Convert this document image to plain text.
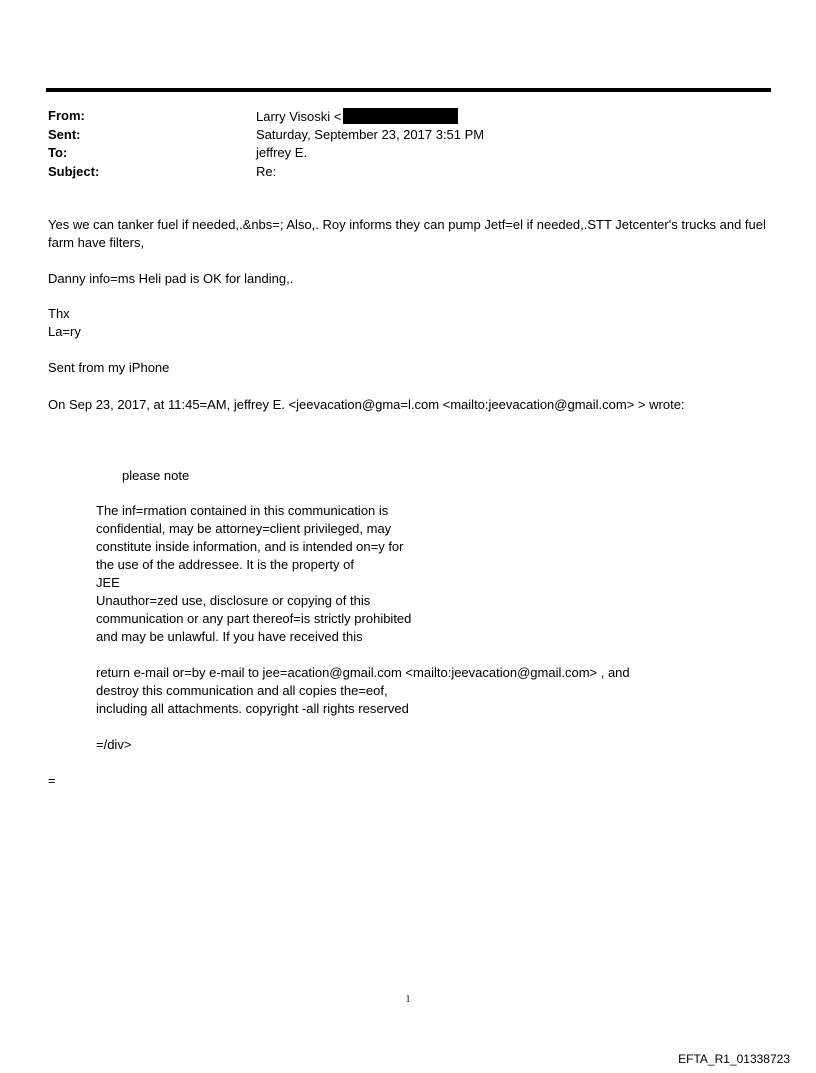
From:	Larry Visoski <
Sent:	Saturday, September 23, 2017 3:51 PM
To:	jeffrey E.
Subject:	Re:
Yes we can tanker fuel if needed,.&nbs=; Also,. Roy informs they can pump Jetf=el if needed,.STT Jetcenter's trucks and fuel farm have filters,
Danny info=ms Heli pad is OK for landing,.
Thx
La=ry
Sent from my iPhone
On Sep 23, 2017, at 11:45=AM, jeffrey E. <jeevacation@gma=l.com <mailto:jeevacation@gmail.com> > wrote:
please note
The inf=rmation contained in this communication is
confidential, may be attorney=client privileged, may
constitute inside information, and is intended on=y for
the use of the addressee. It is the property of
JEE
Unauthor=zed use, disclosure or copying of this
communication or any part thereof=is strictly prohibited
and may be unlawful. If you have received this
return e-mail or=by e-mail to jee=acation@gmail.com <mailto:jeevacation@gmail.com> , and
destroy this communication and all copies the=eof,
including all attachments. copyright -all rights reserved
=/div>
=
1
EFTA_R1_01338723
